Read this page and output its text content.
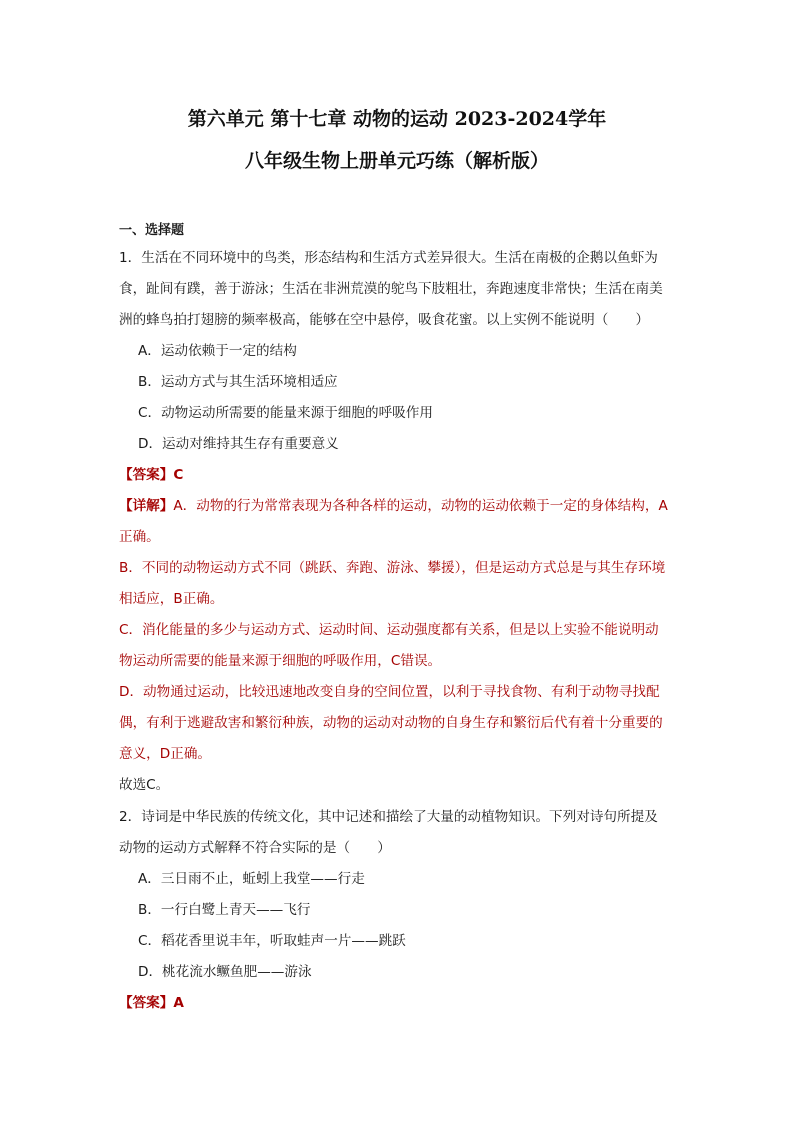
第六单元 第十七章 动物的运动 2023-2024学年
八年级生物上册单元巧练（解析版）

一、选择题

1．生活在不同环境中的鸟类，形态结构和生活方式差异很大。生活在南极的企鹅以鱼虾为

食，趾间有蹼，善于游泳；生活在非洲荒漠的鸵鸟下肢粗壮，奔跑速度非常快；生活在南美

洲的蜂鸟拍打翅膀的频率极高，能够在空中悬停，吸食花蜜。以上实例不能说明（　　）

A．运动依赖于一定的结构

B．运动方式与其生活环境相适应

C．动物运动所需要的能量来源于细胞的呼吸作用

D．运动对维持其生存有重要意义

【答案】C

【详解】A．动物的行为常常表现为各种各样的运动，动物的运动依赖于一定的身体结构，A

正确。

B．不同的动物运动方式不同（跳跃、奔跑、游泳、攀援），但是运动方式总是与其生存环境

相适应，B正确。

C．消化能量的多少与运动方式、运动时间、运动强度都有关系，但是以上实验不能说明动

物运动所需要的能量来源于细胞的呼吸作用，C错误。

D．动物通过运动，比较迅速地改变自身的空间位置，以利于寻找食物、有利于动物寻找配

偶，有利于逃避敌害和繁衍种族，动物的运动对动物的自身生存和繁衍后代有着十分重要的

意义，D正确。

故选C。

2．诗词是中华民族的传统文化，其中记述和描绘了大量的动植物知识。下列对诗句所提及

动物的运动方式解释不符合实际的是（　　）

A．三日雨不止，蚯蚓上我堂——行走

B．一行白鹭上青天——飞行

C．稻花香里说丰年，听取蛙声一片——跳跃

D．桃花流水鳜鱼肥——游泳

【答案】A
